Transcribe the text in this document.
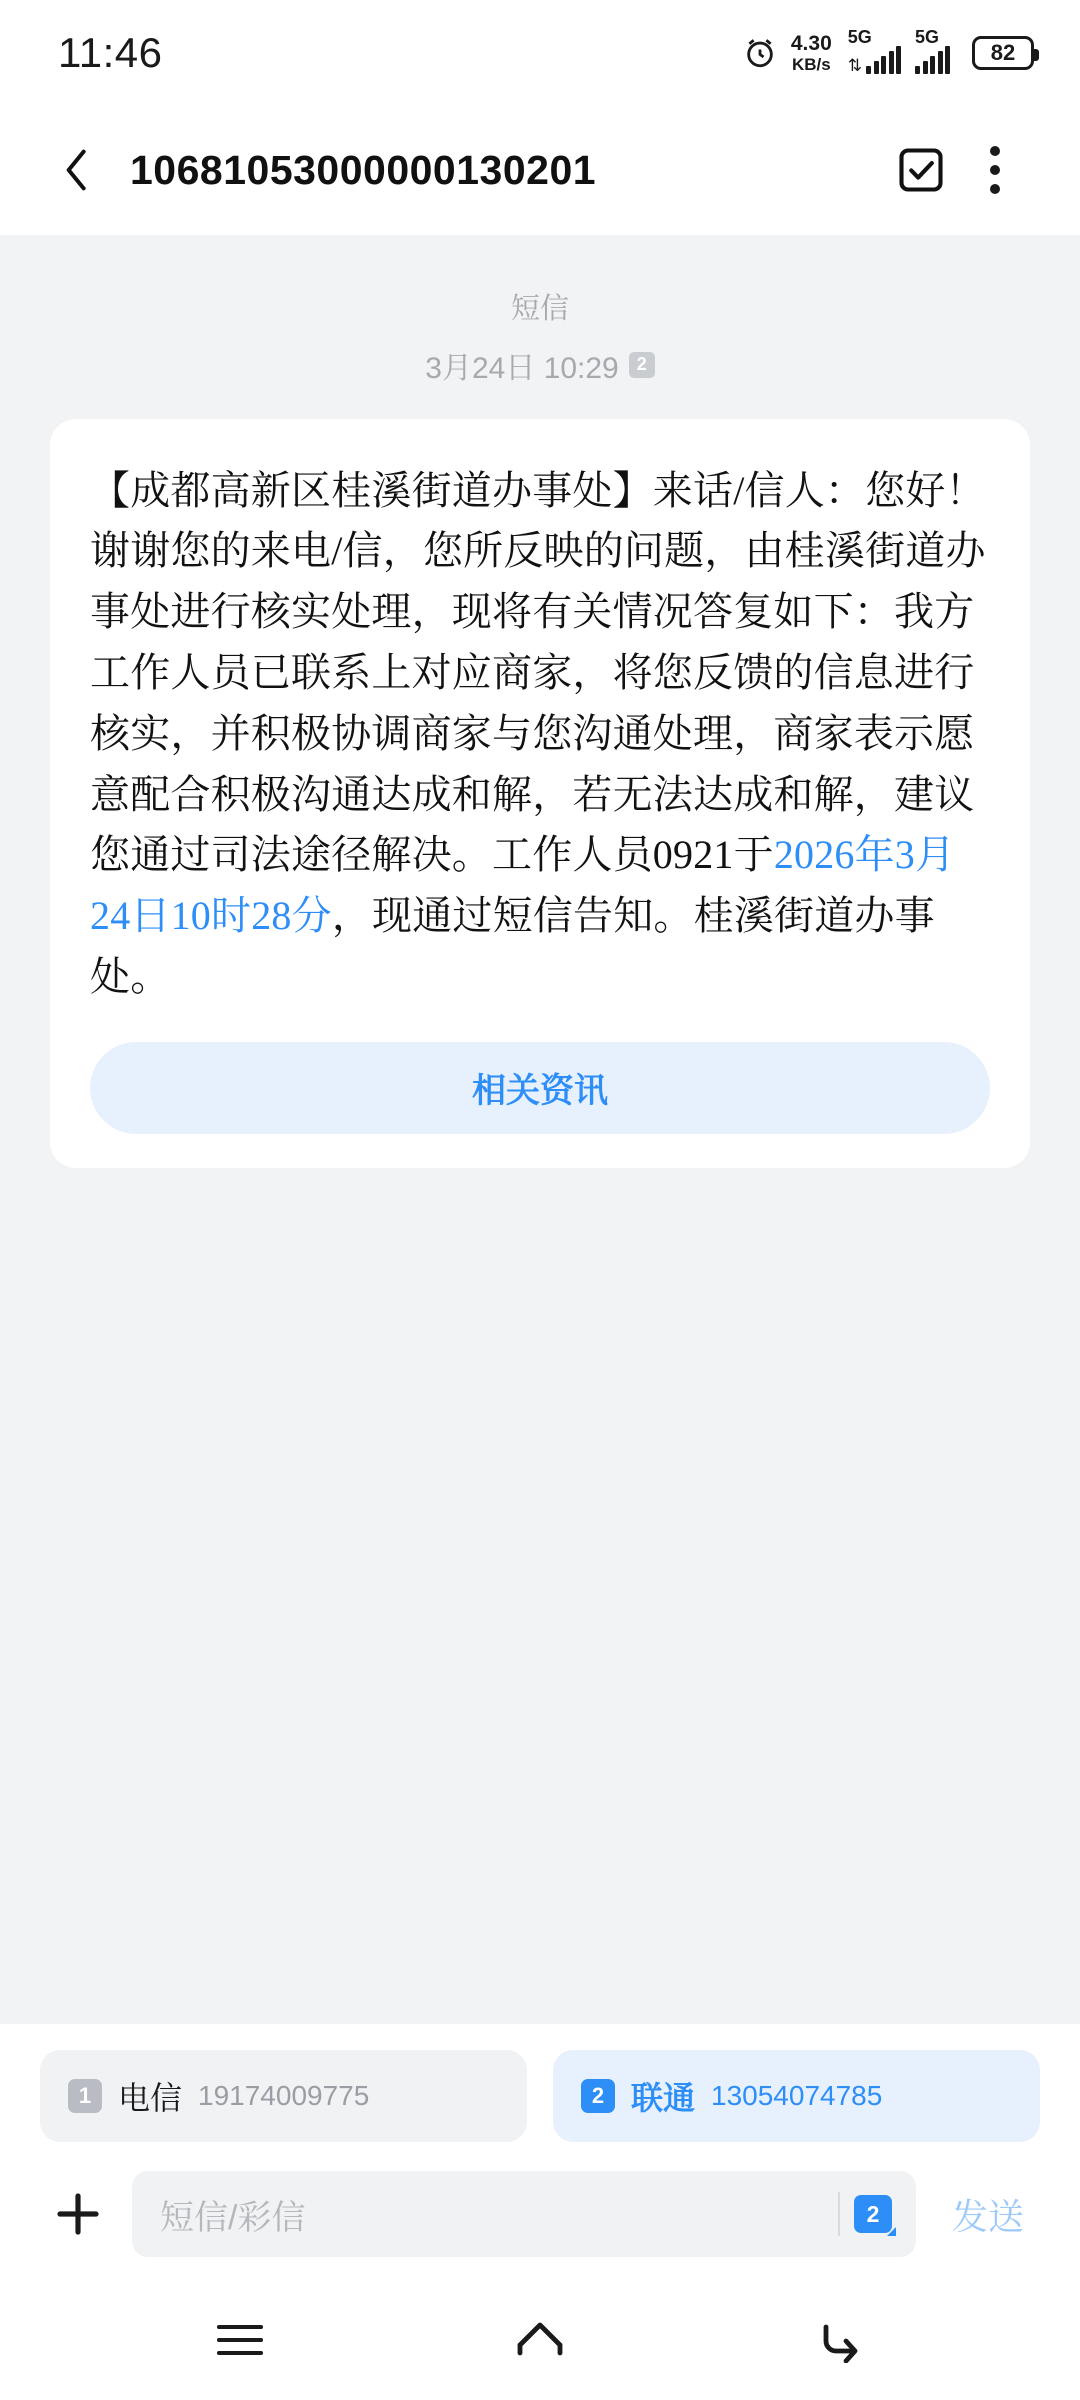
11:46	4.30
KB/s
5G
⇅
5G
82
10681053000000130201
短信
3月24日 10:29 2
【成都高新区桂溪街道办事处】来话/信人：您好！谢谢您的来电/信，您所反映的问题，由桂溪街道办事处进行核实处理，现将有关情况答复如下：我方工作人员已联系上对应商家，将您反馈的信息进行核实，并积极协调商家与您沟通处理，商家表示愿意配合积极沟通达成和解，若无法达成和解，建议您通过司法途径解决。工作人员0921于2026年3月24日10时28分，现通过短信告知。桂溪街道办事处。
相关资讯
1 电信 19174009775	2 联通 13054074785
短信/彩信	2	发送
